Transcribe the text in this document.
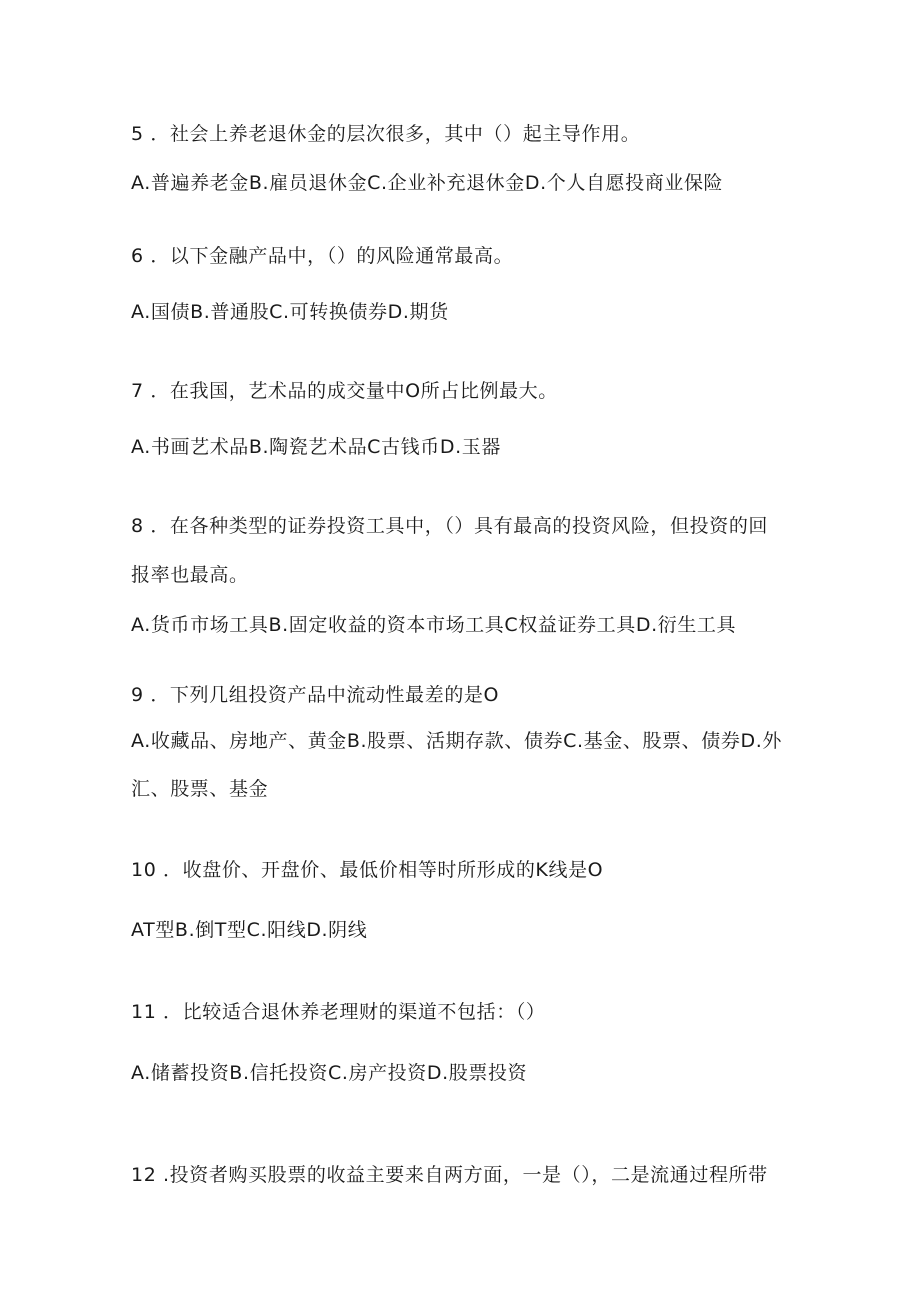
5 ．社会上养老退休金的层次很多，其中（）起主导作用。
A.普遍养老金B.雇员退休金C.企业补充退休金D.个人自愿投商业保险
6 ．以下金融产品中，（）的风险通常最高。
A.国债B.普通股C.可转换债券D.期货
7 ．在我国，艺术品的成交量中O所占比例最大。
A.书画艺术品B.陶瓷艺术品C古钱币D.玉器
8 ．在各种类型的证券投资工具中，（）具有最高的投资风险，但投资的回
报率也最高。
A.货币市场工具B.固定收益的资本市场工具C权益证券工具D.衍生工具
9 ．下列几组投资产品中流动性最差的是O
A.收藏品、房地产、黄金B.股票、活期存款、债券C.基金、股票、债券D.外
汇、股票、基金
10 ．收盘价、开盘价、最低价相等时所形成的K线是O
AT型B.倒T型C.阳线D.阴线
11 ．比较适合退休养老理财的渠道不包括：（）
A.储蓄投资B.信托投资C.房产投资D.股票投资
12 .投资者购买股票的收益主要来自两方面，一是（），二是流通过程所带
